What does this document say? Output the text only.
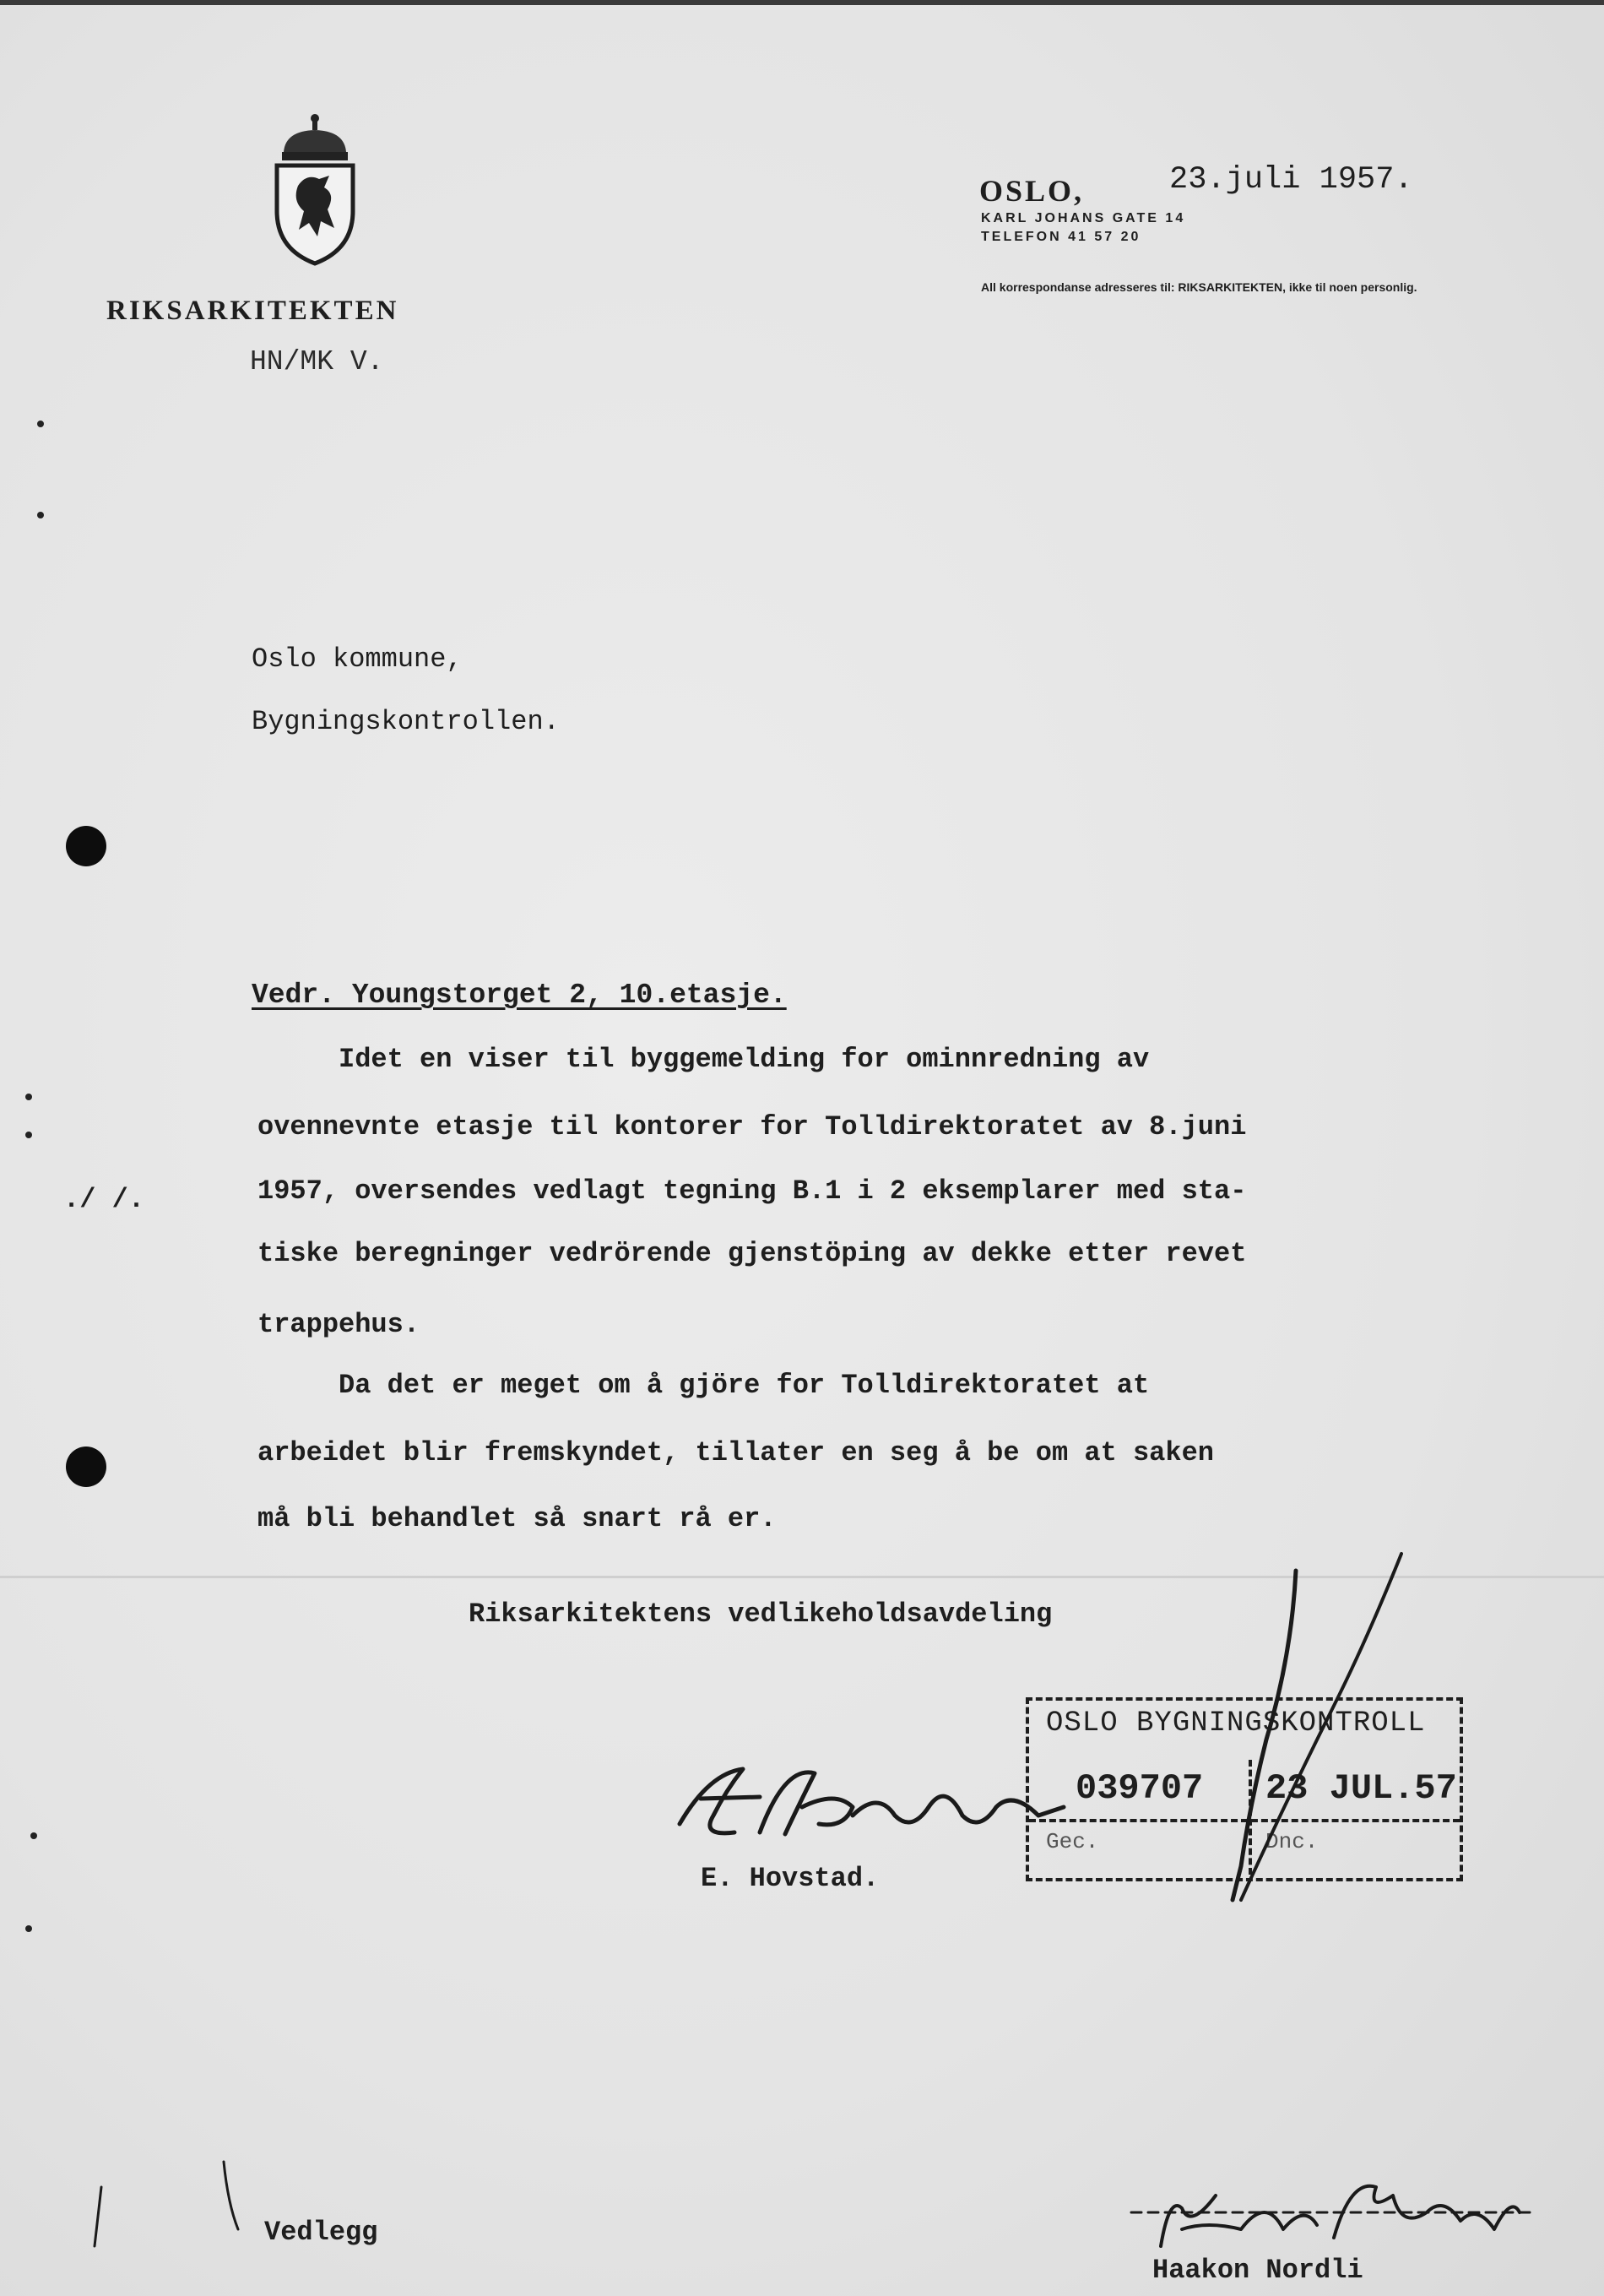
RIKSARKITEKTEN
HN/MK V.
OSLO,	23.juli 1957.
KARL JOHANS GATE 14
TELEFON 41 57 20
All korrespondanse adresseres til: RIKSARKITEKTEN, ikke til noen personlig.
./ /.
Oslo kommune,
Bygningskontrollen.
Vedr. Youngstorget 2, 10.etasje.
Idet en viser til byggemelding for ominnredning av
ovennevnte etasje til kontorer for Tolldirektoratet av 8.juni
1957, oversendes vedlagt tegning B.1 i 2 eksemplarer med sta-
tiske beregninger vedrörende gjenstöping av dekke etter revet
trappehus.
Da det er meget om å gjöre for Tolldirektoratet at
arbeidet blir fremskyndet, tillater en seg å be om at saken
må bli behandlet så snart rå er.
Riksarkitektens vedlikeholdsavdeling
OSLO BYGNINGSKONTROLL
039707 23 JUL.57
Gec.	Dnc.
E. Hovstad.
Vedlegg
Haakon Nordli
